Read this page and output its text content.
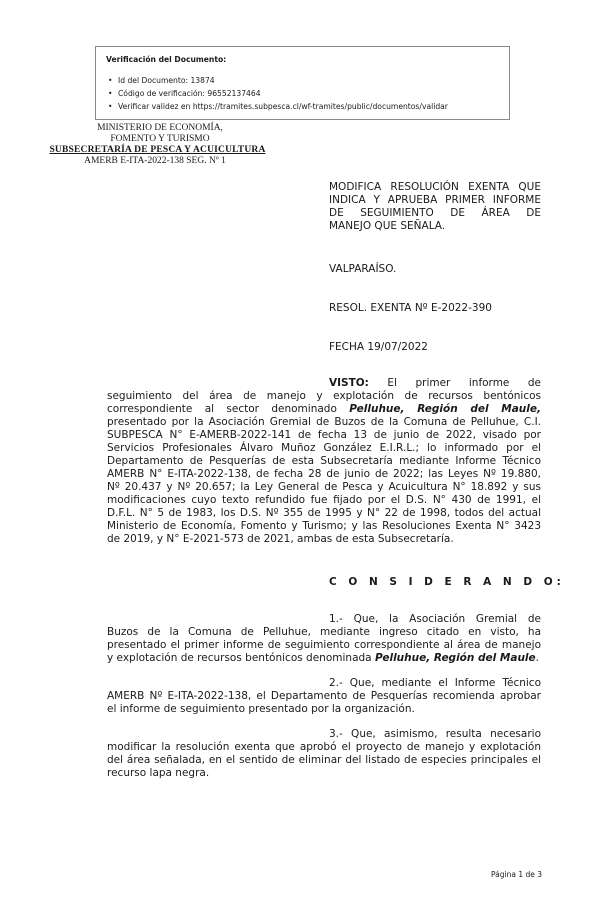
Verificación del Documento:
• Id del Documento: 13874
• Código de verificación: 96552137464
• Verificar validez en https://tramites.subpesca.cl/wf-tramites/public/documentos/validar
MINISTERIO DE ECONOMÍA,
FOMENTO Y TURISMO
SUBSECRETARÍA DE PESCA Y ACUICULTURA
AMERB E-ITA-2022-138 SEG. Nº 1
MODIFICA RESOLUCIÓN EXENTA QUE
INDICA Y APRUEBA PRIMER INFORME
DE SEGUIMIENTO DE ÁREA DE
MANEJO QUE SEÑALA.
VALPARAÍSO.
RESOL. EXENTA Nº E-2022-390
FECHA 19/07/2022
VISTO: El primer informe de
seguimiento del área de manejo y explotación de recursos bentónicos
correspondiente al sector denominado Pelluhue, Región del Maule,
presentado por la Asociación Gremial de Buzos de la Comuna de Pelluhue, C.I.
SUBPESCA N° E-AMERB-2022-141 de fecha 13 de junio de 2022, visado por
Servicios Profesionales Álvaro Muñoz González E.I.R.L.; lo informado por el
Departamento de Pesquerías de esta Subsecretaría mediante Informe Técnico
AMERB N° E-ITA-2022-138, de fecha 28 de junio de 2022; las Leyes Nº 19.880,
Nº 20.437 y Nº 20.657; la Ley General de Pesca y Acuicultura N° 18.892 y sus
modificaciones cuyo texto refundido fue fijado por el D.S. N° 430 de 1991, el
D.F.L. N° 5 de 1983, los D.S. Nº 355 de 1995 y N° 22 de 1998, todos del actual
Ministerio de Economía, Fomento y Turismo; y las Resoluciones Exenta N° 3423
de 2019, y N° E-2021-573 de 2021, ambas de esta Subsecretaría.
C O N S I D E R A N D O:
1.- Que, la Asociación Gremial de
Buzos de la Comuna de Pelluhue, mediante ingreso citado en visto, ha
presentado el primer informe de seguimiento correspondiente al área de manejo
y explotación de recursos bentónicos denominada Pelluhue, Región del Maule.
2.- Que, mediante el Informe Técnico
AMERB Nº E-ITA-2022-138, el Departamento de Pesquerías recomienda aprobar
el informe de seguimiento presentado por la organización.
3.- Que, asimismo, resulta necesario
modificar la resolución exenta que aprobó el proyecto de manejo y explotación
del área señalada, en el sentido de eliminar del listado de especies principales el
recurso lapa negra.
Página 1 de 3
